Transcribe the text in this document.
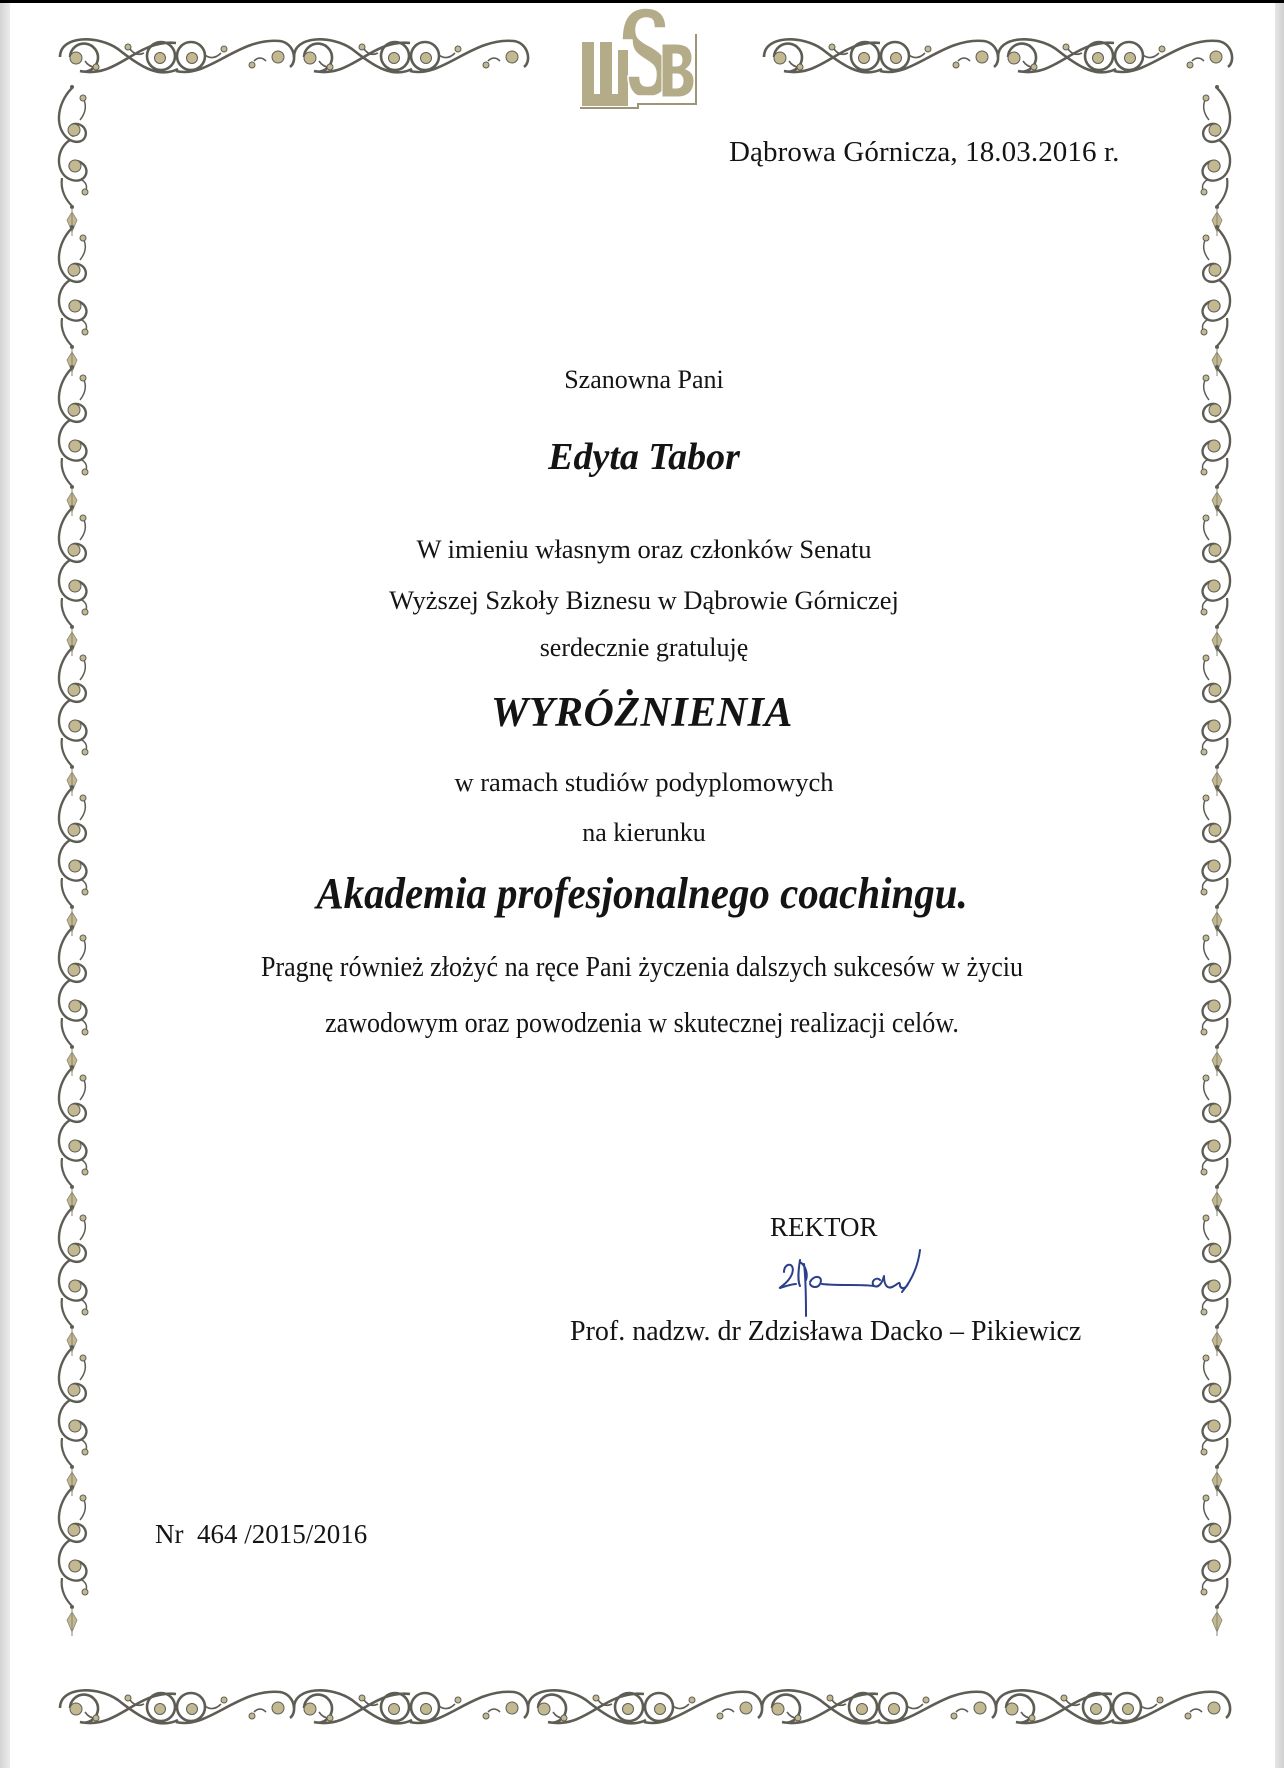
Dąbrowa Górnicza, 18.03.2016 r.
Szanowna Pani
Edyta Tabor
W imieniu własnym oraz członków Senatu
Wyższej Szkoły Biznesu w Dąbrowie Górniczej
serdecznie gratuluję
WYRÓŻNIENIA
w ramach studiów podyplomowych
na kierunku
Akademia profesjonalnego coachingu.
Pragnę również złożyć na ręce Pani życzenia dalszych sukcesów w życiu
zawodowym oraz powodzenia w skutecznej realizacji celów.
REKTOR
Prof. nadzw. dr Zdzisława Dacko – Pikiewicz
Nr  464 /2015/2016
